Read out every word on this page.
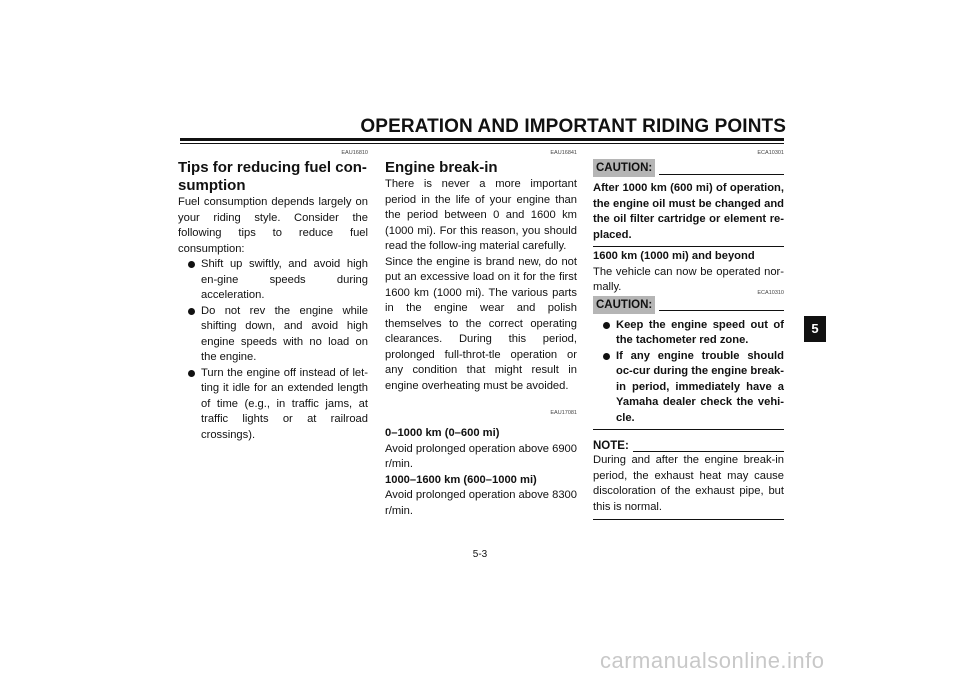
OPERATION AND IMPORTANT RIDING POINTS
EAU16810
Tips for reducing fuel con-
sumption
Fuel consumption depends largely on your riding style. Consider the following tips to reduce fuel consumption:
Shift up swiftly, and avoid high en-gine speeds during acceleration.
Do not rev the engine while shifting down, and avoid high engine speeds with no load on the engine.
Turn the engine off instead of let-ting it idle for an extended length of time (e.g., in traffic jams, at traffic lights or at railroad crossings).
EAU16841
Engine break-in
There is never a more important period in the life of your engine than the period between 0 and 1600 km (1000 mi). For this reason, you should read the follow-ing material carefully.
Since the engine is brand new, do not put an excessive load on it for the first 1600 km (1000 mi). The various parts in the engine wear and polish themselves to the correct operating clearances. During this period, prolonged full-throt-tle operation or any condition that might result in engine overheating must be avoided.
EAU17081
0–1000 km (0–600 mi)
Avoid prolonged operation above 6900 r/min.
1000–1600 km (600–1000 mi)
Avoid prolonged operation above 8300 r/min.
ECA10301
CAUTION:
After 1000 km (600 mi) of operation, the engine oil must be changed and the oil filter cartridge or element re-placed.
1600 km (1000 mi) and beyond
The vehicle can now be operated nor-mally.	ECA10310
CAUTION:
Keep the engine speed out of the tachometer red zone.
If any engine trouble should oc-cur during the engine break-in period, immediately have a Yamaha dealer check the vehi-cle.
NOTE:
During and after the engine break-in period, the exhaust heat may cause discoloration of the exhaust pipe, but this is normal.
5
5-3
carmanualsonline.info
